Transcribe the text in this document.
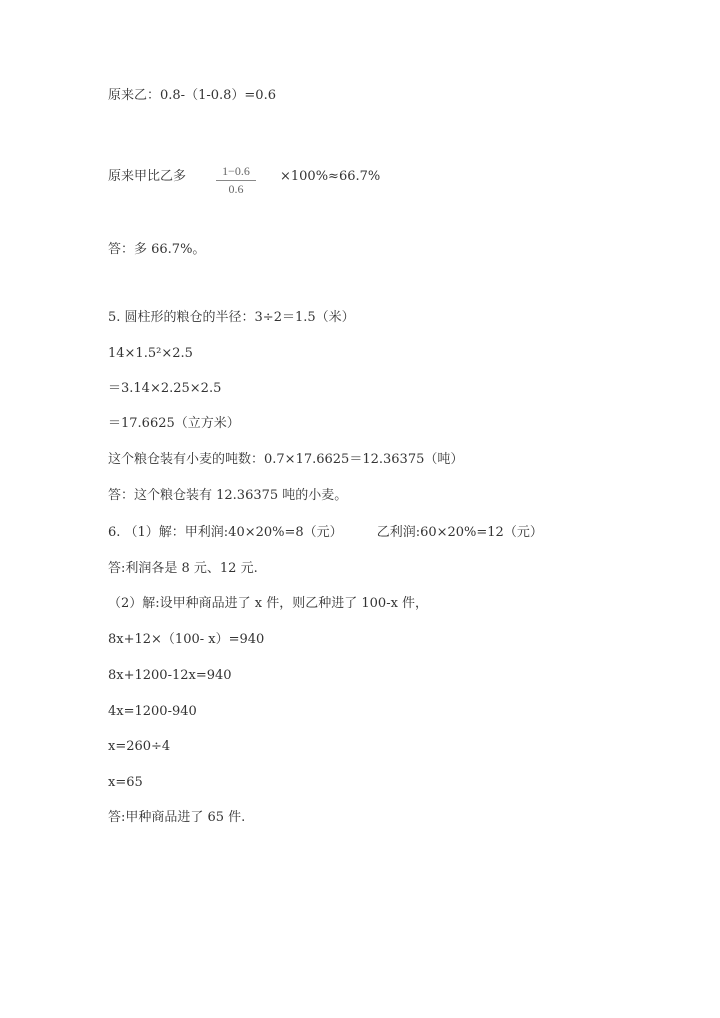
原来乙：0.8-（1-0.8）=0.6
原来甲比乙多	1−0.6
0.6
×100%≈66.7%
答：多 66.7%。
5. 圆柱形的粮仓的半径：3÷2＝1.5（米）
14×1.5²×2.5
＝3.14×2.25×2.5
＝17.6625（立方米）
这个粮仓装有小麦的吨数：0.7×17.6625＝12.36375（吨）
答：这个粮仓装有 12.36375 吨的小麦。
6. （1）解：甲利润:40×20%=8（元）	乙利润:60×20%=12（元）
答:利润各是 8 元、12 元.
（2）解:设甲种商品进了 x 件，则乙种进了 100-x 件，
8x+12×（100- x）=940
8x+1200-12x=940
4x=1200-940
x=260÷4
x=65
答:甲种商品进了 65 件.
